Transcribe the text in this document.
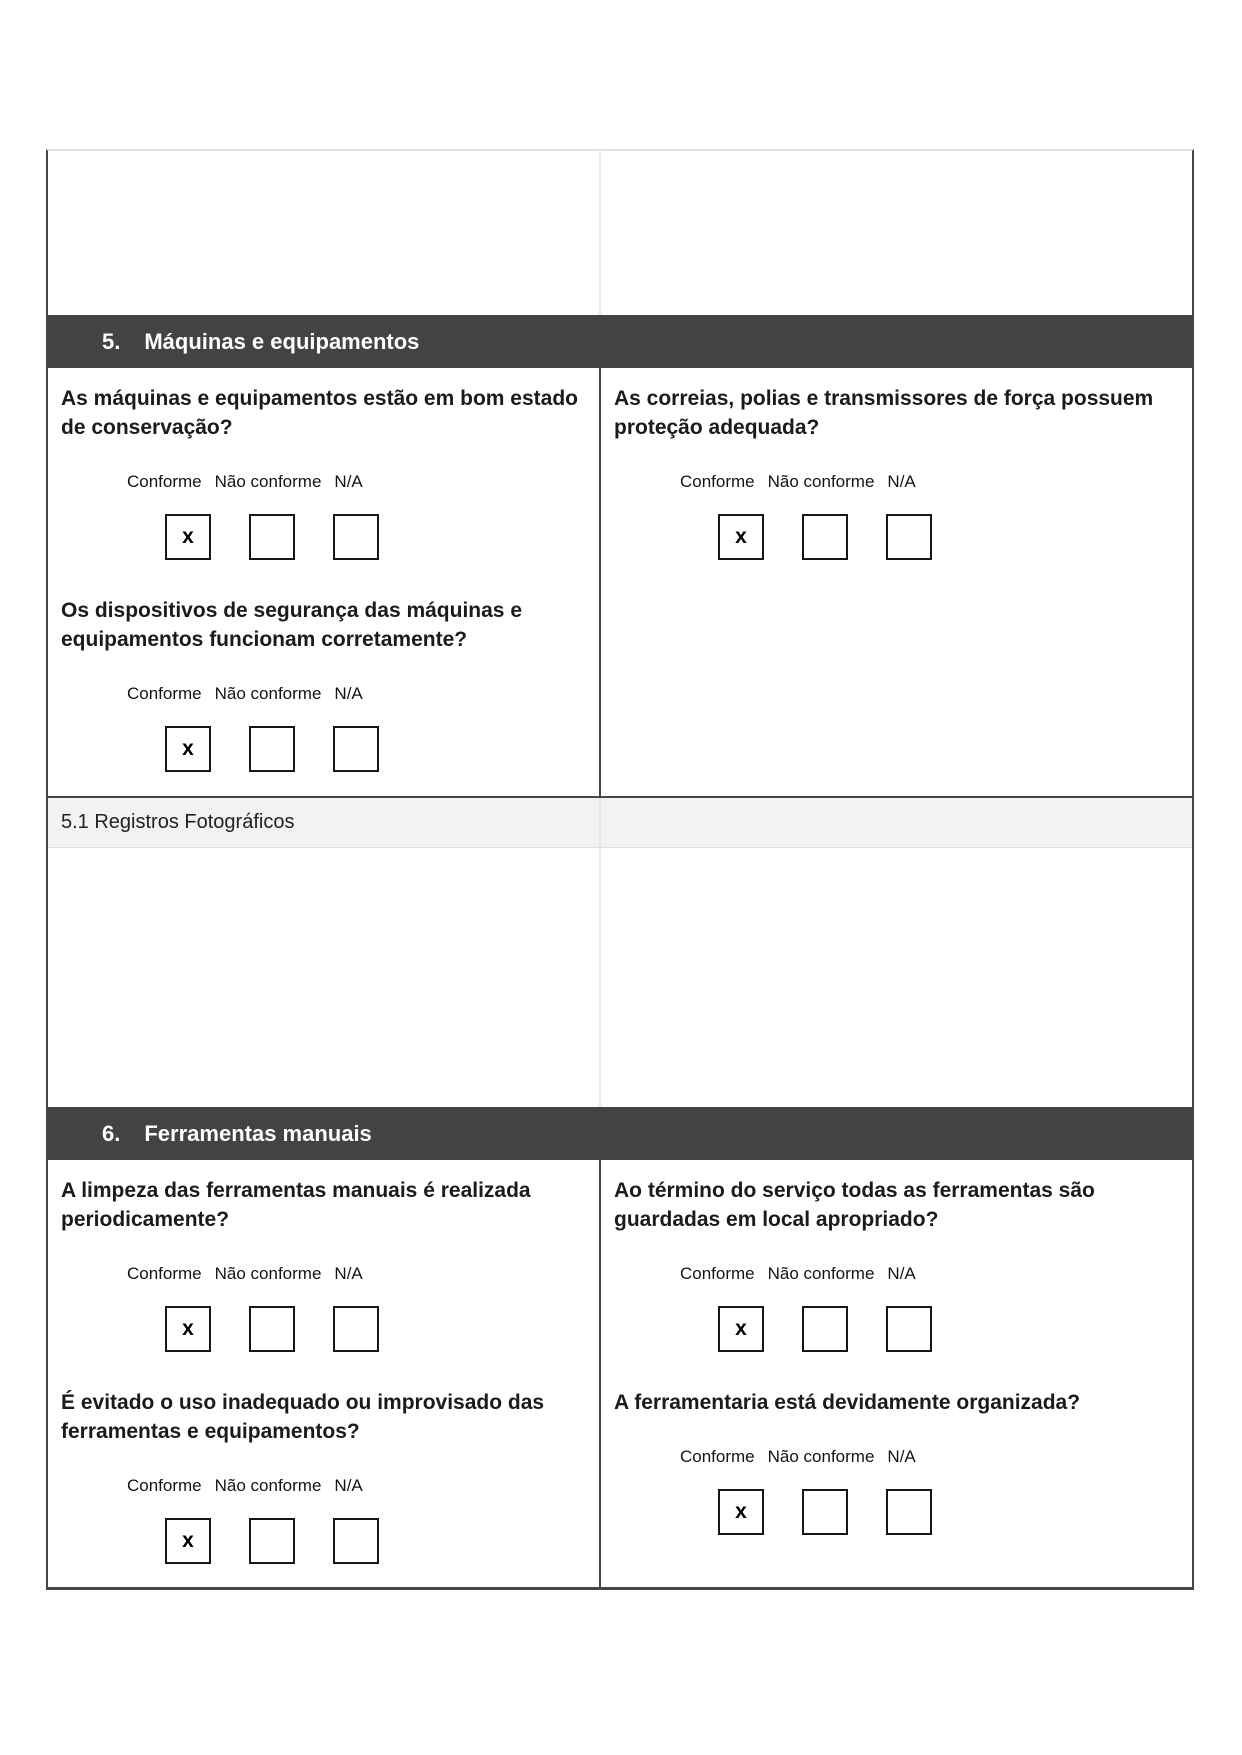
5. Máquinas e equipamentos

As máquinas e equipamentos estão em bom estado de conservação?

Conforme Não conforme N/A
x

Os dispositivos de segurança das máquinas e equipamentos funcionam corretamente?

Conforme Não conforme N/A
x

As correias, polias e transmissores de força possuem proteção adequada?

Conforme Não conforme N/A
x
5.1 Registros Fotográficos
6. Ferramentas manuais

A limpeza das ferramentas manuais é realizada periodicamente?

Conforme Não conforme N/A
x

É evitado o uso inadequado ou improvisado das ferramentas e equipamentos?

Conforme Não conforme N/A
x

Ao término do serviço todas as ferramentas são guardadas em local apropriado?

Conforme Não conforme N/A
x

A ferramentaria está devidamente organizada?

Conforme Não conforme N/A
x
